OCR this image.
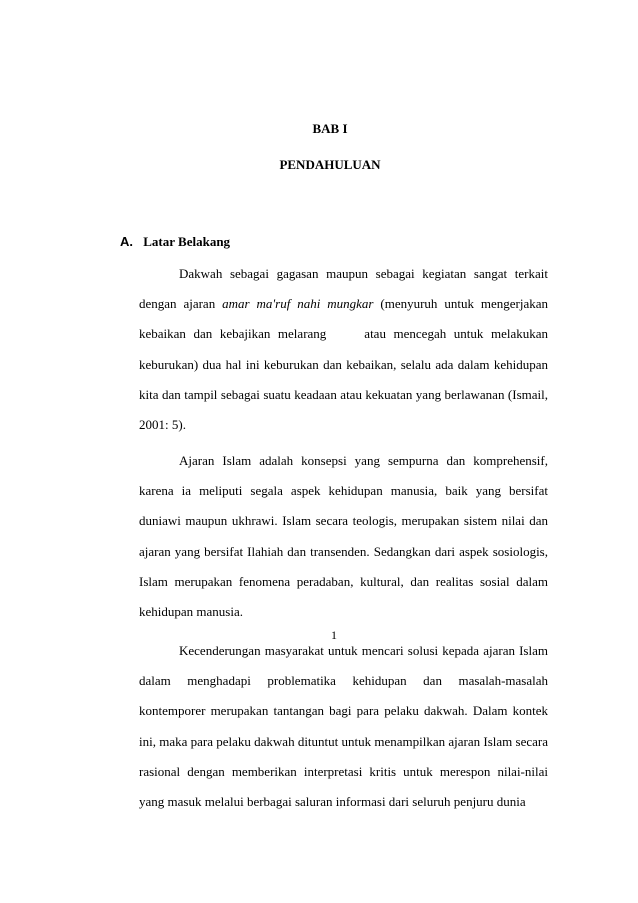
BAB I
PENDAHULUAN
A. Latar Belakang

Dakwah sebagai gagasan maupun sebagai kegiatan sangat terkait dengan ajaran amar ma'ruf nahi mungkar (menyuruh untuk mengerjakan kebaikan dan kebajikan melarang	atau mencegah untuk melakukan keburukan) dua hal ini keburukan dan kebaikan, selalu ada dalam kehidupan kita dan tampil sebagai suatu keadaan atau kekuatan yang berlawanan (Ismail, 2001: 5).

Ajaran Islam adalah konsepsi yang sempurna dan komprehensif, karena ia meliputi segala aspek kehidupan manusia, baik yang bersifat duniawi maupun ukhrawi. Islam secara teologis, merupakan sistem nilai dan ajaran yang bersifat Ilahiah dan transenden. Sedangkan dari aspek sosiologis, Islam merupakan fenomena peradaban, kultural, dan realitas sosial dalam kehidupan manusia.

1

Kecenderungan masyarakat untuk mencari solusi kepada ajaran Islam dalam menghadapi problematika kehidupan dan masalah-masalah kontemporer merupakan tantangan bagi para pelaku dakwah. Dalam kontek ini, maka para pelaku dakwah dituntut untuk menampilkan ajaran Islam secara rasional dengan memberikan interpretasi kritis untuk merespon nilai-nilai yang masuk melalui berbagai saluran informasi dari seluruh penjuru dunia
